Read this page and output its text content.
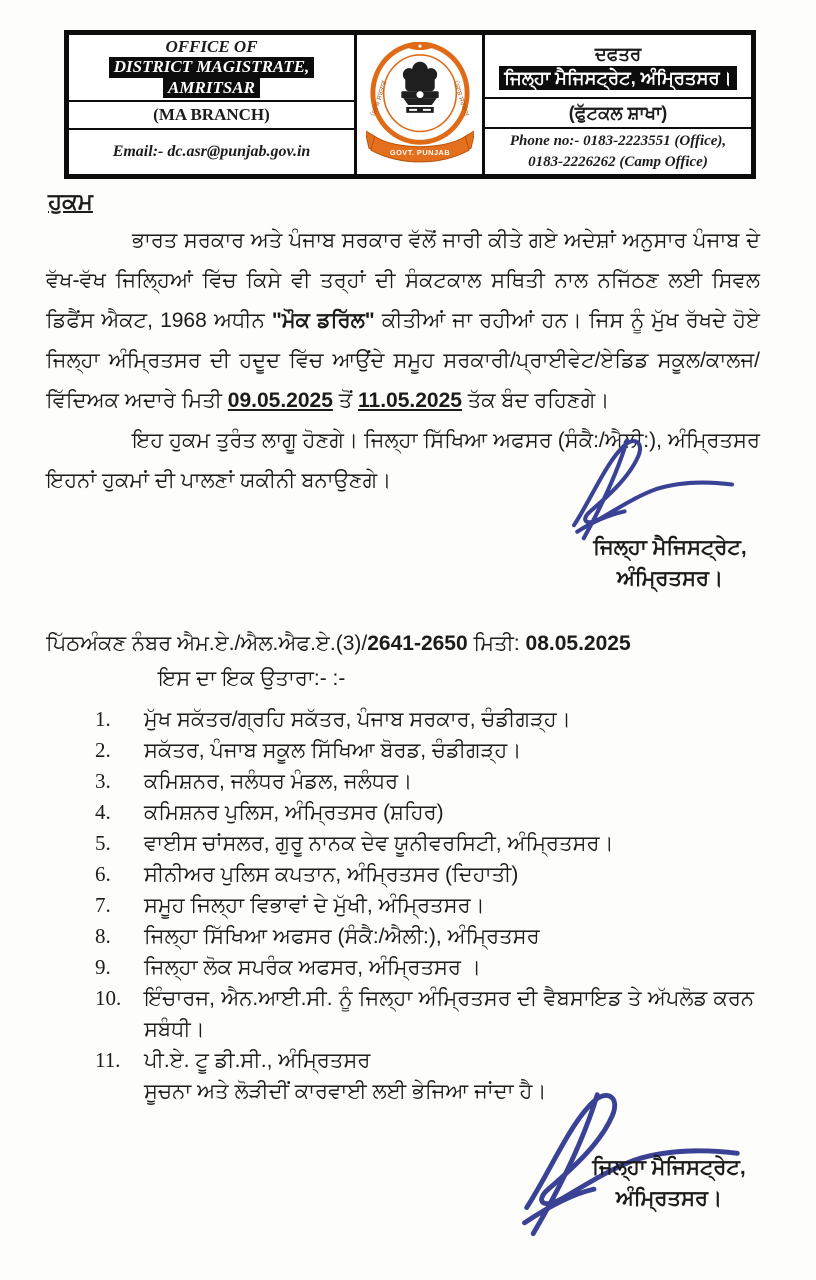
OFFICE OF
DISTRICT MAGISTRATE,
AMRITSAR
(MA BRANCH)
Email:- dc.asr@punjab.gov.in
ਪੰਜਾਬ ਸਰਕਾਰ	ਪੰਜਾਬ ਸਰਕਾਰ
GOVT. PUNJAB
ਦਫਤਰ
ਜਿਲ੍ਹਾ ਮੈਜਿਸਟ੍ਰੇਟ, ਅੰਮ੍ਰਿਤਸਰ।
(ਫੁੱਟਕਲ ਸ਼ਾਖਾ)
Phone no:- 0183-2223551 (Office),
0183-2226262 (Camp Office)
ਹੁਕਮ

ਭਾਰਤ ਸਰਕਾਰ ਅਤੇ ਪੰਜਾਬ ਸਰਕਾਰ ਵੱਲੋਂ ਜਾਰੀ ਕੀਤੇ ਗਏ ਅਦੇਸ਼ਾਂ ਅਨੁਸਾਰ ਪੰਜਾਬ ਦੇ ਵੱਖ-ਵੱਖ ਜਿਲ੍ਹਿਆਂ ਵਿੱਚ ਕਿਸੇ ਵੀ ਤਰ੍ਹਾਂ ਦੀ ਸੰਕਟਕਾਲ ਸਥਿਤੀ ਨਾਲ ਨਜਿੱਠਣ ਲਈ ਸਿਵਲ ਡਿਫੈਂਸ ਐਕਟ, 1968 ਅਧੀਨ "ਮੌਕ ਡਰਿੱਲ" ਕੀਤੀਆਂ ਜਾ ਰਹੀਆਂ ਹਨ। ਜਿਸ ਨੂੰ ਮੁੱਖ ਰੱਖਦੇ ਹੋਏ ਜਿਲ੍ਹਾ ਅੰਮ੍ਰਿਤਸਰ ਦੀ ਹਦੂਦ ਵਿੱਚ ਆਉਂਦੇ ਸਮੂਹ ਸਰਕਾਰੀ/ਪ੍ਰਾਈਵੇਟ/ਏਡਿਡ ਸਕੂਲ/ਕਾਲਜ/ਵਿੱਦਿਅਕ ਅਦਾਰੇ ਮਿਤੀ 09.05.2025 ਤੋਂ 11.05.2025 ਤੱਕ ਬੰਦ ਰਹਿਣਗੇ।

ਇਹ ਹੁਕਮ ਤੁਰੰਤ ਲਾਗੂ ਹੋਣਗੇ। ਜਿਲ੍ਹਾ ਸਿੱਖਿਆ ਅਫਸਰ (ਸੰਕੈ:/ਐਲੀ:), ਅੰਮ੍ਰਿਤਸਰ ਇਹਨਾਂ ਹੁਕਮਾਂ ਦੀ ਪਾਲਣਾਂ ਯਕੀਨੀ ਬਨਾਉਣਗੇ।

ਪਿੱਠਅੰਕਣ ਨੰਬਰ ਐਮ.ਏ./ਐਲ.ਐਫ.ਏ.(3)/2641-2650 ਮਿਤੀ: 08.05.2025
ਇਸ ਦਾ ਇਕ ਉਤਾਰਾ:- :-
1.	ਮੁੱਖ ਸਕੱਤਰ/ਗ੍ਰਹਿ ਸਕੱਤਰ, ਪੰਜਾਬ ਸਰਕਾਰ, ਚੰਡੀਗੜ੍ਹ।
2.	ਸਕੱਤਰ, ਪੰਜਾਬ ਸਕੂਲ ਸਿੱਖਿਆ ਬੋਰਡ, ਚੰਡੀਗੜ੍ਹ।
3.	ਕਮਿਸ਼ਨਰ, ਜਲੰਧਰ ਮੰਡਲ, ਜਲੰਧਰ।
4.	ਕਮਿਸ਼ਨਰ ਪੁਲਿਸ, ਅੰਮ੍ਰਿਤਸਰ (ਸ਼ਹਿਰ)
5.	ਵਾਈਸ ਚਾਂਸਲਰ, ਗੁਰੂ ਨਾਨਕ ਦੇਵ ਯੂਨੀਵਰਸਿਟੀ, ਅੰਮ੍ਰਿਤਸਰ।
6.	ਸੀਨੀਅਰ ਪੁਲਿਸ ਕਪਤਾਨ, ਅੰਮ੍ਰਿਤਸਰ (ਦਿਹਾਤੀ)
7.	ਸਮੂਹ ਜਿਲ੍ਹਾ ਵਿਭਾਵਾਂ ਦੇ ਮੁੱਖੀ, ਅੰਮ੍ਰਿਤਸਰ।
8.	ਜਿਲ੍ਹਾ ਸਿੱਖਿਆ ਅਫਸਰ (ਸੰਕੈ:/ਐਲੀ:), ਅੰਮ੍ਰਿਤਸਰ
9.	ਜਿਲ੍ਹਾ ਲੋਕ ਸਪਰੰਕ ਅਫਸਰ, ਅੰਮ੍ਰਿਤਸਰ ।
10.	ਇੰਚਾਰਜ, ਐਨ.ਆਈ.ਸੀ. ਨੂੰ ਜਿਲ੍ਹਾ ਅੰਮ੍ਰਿਤਸਰ ਦੀ ਵੈਬਸਾਇਡ ਤੇ ਅੱਪਲੋਡ ਕਰਨ ਸਬੰਧੀ।
11.	ਪੀ.ਏ. ਟੂ ਡੀ.ਸੀ., ਅੰਮ੍ਰਿਤਸਰ
ਸੂਚਨਾ ਅਤੇ ਲੋੜੀਦੀਂ ਕਾਰਵਾਈ ਲਈ ਭੇਜਿਆ ਜਾਂਦਾ ਹੈ।
ਜਿਲ੍ਹਾ ਮੈਜਿਸਟ੍ਰੇਟ,
ਅੰਮ੍ਰਿਤਸਰ।
ਜਿਲ੍ਹਾ ਮੈਜਿਸਟ੍ਰੇਟ,
ਅੰਮ੍ਰਿਤਸਰ।
